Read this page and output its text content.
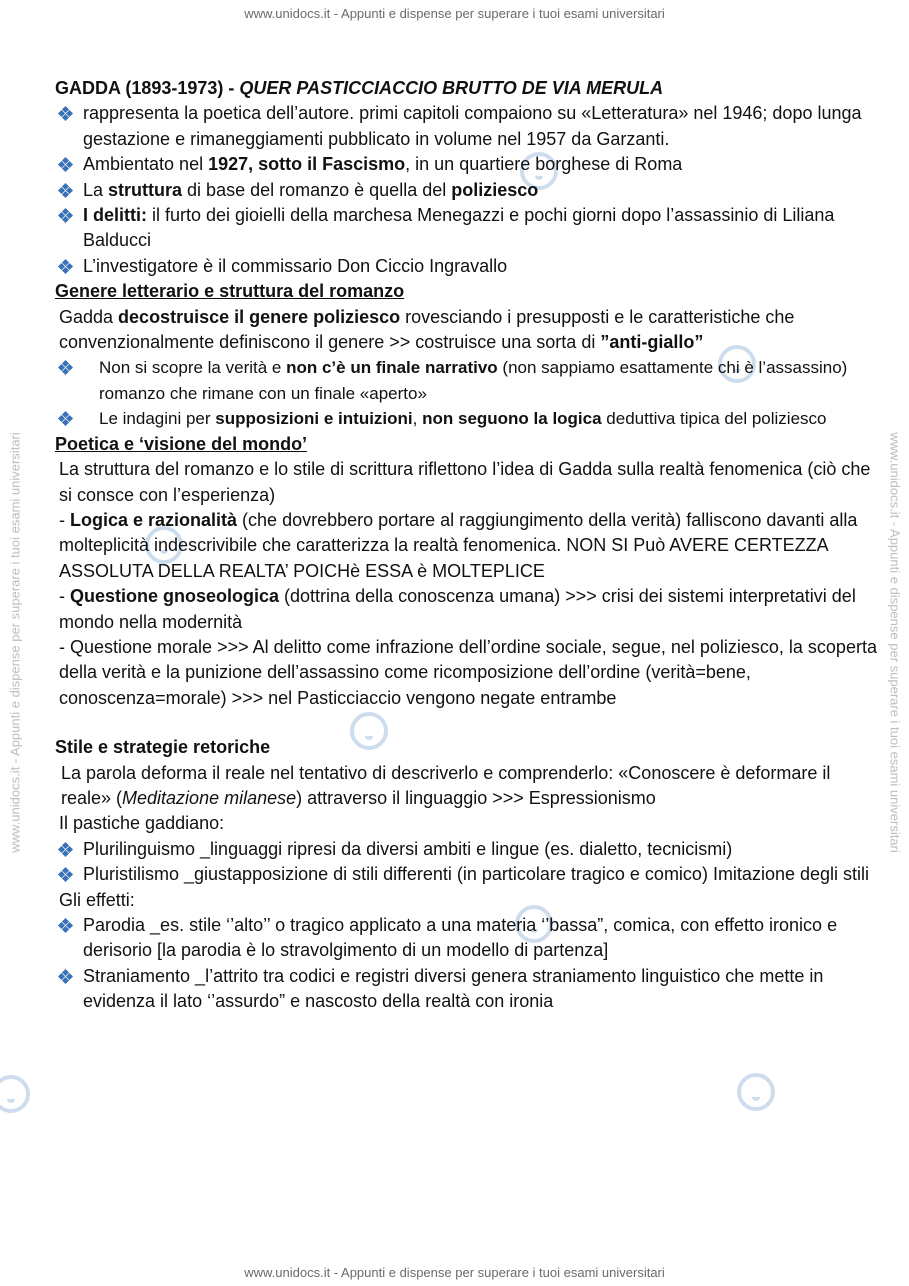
www.unidocs.it - Appunti e dispense per superare i tuoi esami universitari
www.unidocs.it - Appunti e dispense per superare i tuoi esami universitari
www.unidocs.it - Appunti e dispense per superare i tuoi esami universitari	www.unidocs.it - Appunti e dispense per superare i tuoi esami universitari
GADDA (1893-1973) - QUER PASTICCIACCIO BRUTTO DE VIA MERULA
rappresenta la poetica dell’autore. primi capitoli compaiono su «Letteratura» nel 1946; dopo lunga gestazione e rimaneggiamenti pubblicato in volume nel 1957 da Garzanti.
Ambientato nel 1927, sotto il Fascismo, in un quartiere borghese di Roma
La struttura di base del romanzo è quella del poliziesco
I delitti: il furto dei gioielli della marchesa Menegazzi e pochi giorni dopo l’assassinio di Liliana Balducci
L’investigatore è il commissario Don Ciccio Ingravallo
Genere letterario e struttura del romanzo
Gadda decostruisce il genere poliziesco rovesciando i presupposti e le caratteristiche che convenzionalmente definiscono il genere >> costruisce una sorta di ”anti-giallo”
Non si scopre la verità e non c’è un finale narrativo (non sappiamo esattamente chi è l’assassino) romanzo che rimane con un finale «aperto»
Le indagini per supposizioni e intuizioni, non seguono la logica deduttiva tipica del poliziesco
Poetica e ‘visione del mondo’
La struttura del romanzo e lo stile di scrittura riflettono l’idea di Gadda sulla realtà fenomenica (ciò che si consce con l’esperienza)
- Logica e razionalità (che dovrebbero portare al raggiungimento della verità) falliscono davanti alla molteplicità indescrivibile che caratterizza la realtà fenomenica. NON SI Può AVERE CERTEZZA ASSOLUTA DELLA REALTA’ POICHè ESSA è MOLTEPLICE
- Questione gnoseologica (dottrina della conoscenza umana) >>> crisi dei sistemi interpretativi del mondo nella modernità
- Questione morale >>> Al delitto come infrazione dell’ordine sociale, segue, nel poliziesco, la scoperta della verità e la punizione dell’assassino come ricomposizione dell’ordine (verità=bene, conoscenza=morale) >>> nel Pasticciaccio vengono negate entrambe
Stile e strategie retoriche
La parola deforma il reale nel tentativo di descriverlo e comprenderlo: «Conoscere è deformare il reale» (Meditazione milanese) attraverso il linguaggio >>> Espressionismo
Il pastiche gaddiano:
Plurilinguismo _linguaggi ripresi da diversi ambiti e lingue (es. dialetto, tecnicismi)
Pluristilismo _giustapposizione di stili differenti (in particolare tragico e comico) Imitazione degli stili
Gli effetti:
Parodia _es. stile ‘’alto’’ o tragico applicato a una materia ‘’bassa”, comica, con effetto ironico e derisorio [la parodia è lo stravolgimento di un modello di partenza]
Straniamento _l’attrito tra codici e registri diversi genera straniamento linguistico che mette in evidenza il lato ‘’assurdo” e nascosto della realtà con ironia
